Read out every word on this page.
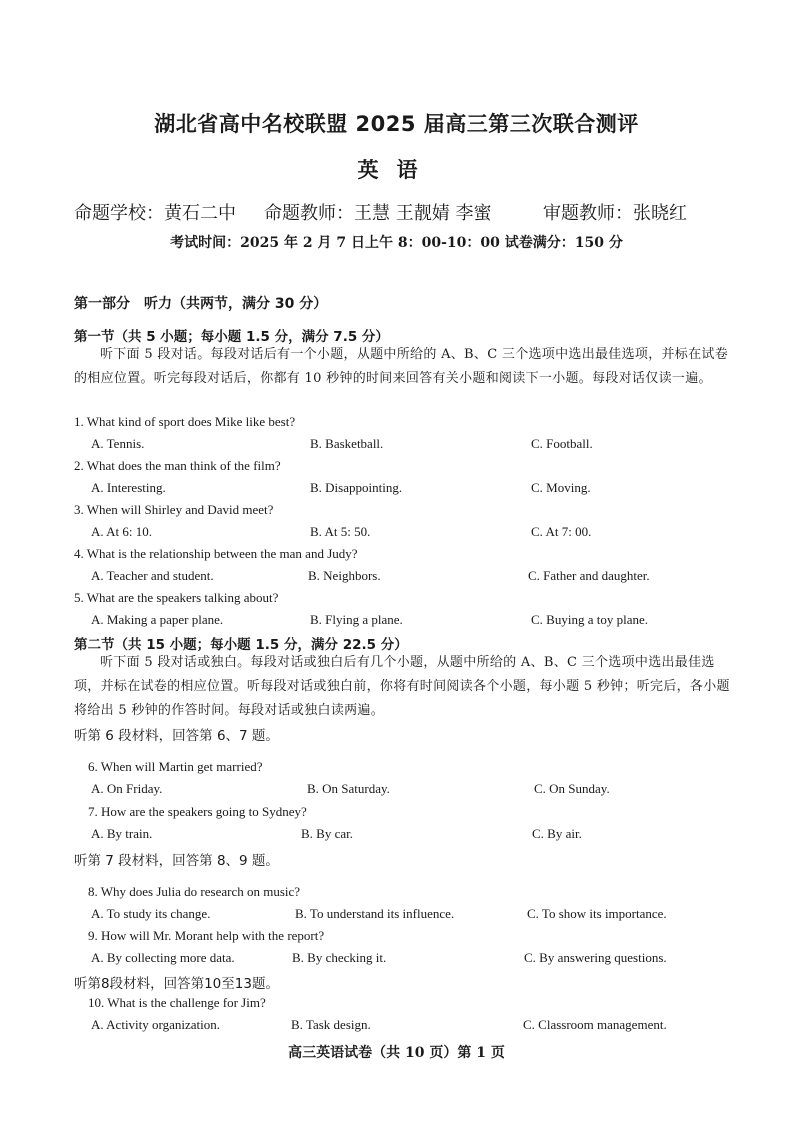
湖北省高中名校联盟 2025 届高三第三次联合测评
英语
命题学校：黄石二中 命题教师：王慧 王靓婧 李蜜	审题教师：张晓红
考试时间：2025 年 2 月 7 日上午 8：00-10：00 试卷满分：150 分
第一部分　听力（共两节，满分 30 分）
第一节（共 5 小题；每小题 1.5 分，满分 7.5 分）
听下面 5 段对话。每段对话后有一个小题，从题中所给的 A、B、C 三个选项中选出最佳选项，并标在试卷的相应位置。听完每段对话后，你都有 10 秒钟的时间来回答有关小题和阅读下一小题。每段对话仅读一遍。
1. What kind of sport does Mike like best?
A. Tennis.	B. Basketball.	C. Football.
2. What does the man think of the film?
A. Interesting.	B. Disappointing.	C. Moving.
3. When will Shirley and David meet?
A. At 6: 10.	B. At 5: 50.	C. At 7: 00.
4. What is the relationship between the man and Judy?
A. Teacher and student.	B. Neighbors.	C. Father and daughter.
5. What are the speakers talking about?
A. Making a paper plane.	B. Flying a plane.	C. Buying a toy plane.
第二节（共 15 小题；每小题 1.5 分，满分 22.5 分）
听下面 5 段对话或独白。每段对话或独白后有几个小题，从题中所给的 A、B、C 三个选项中选出最佳选项，并标在试卷的相应位置。听每段对话或独白前，你将有时间阅读各个小题，每小题 5 秒钟；听完后，各小题将给出 5 秒钟的作答时间。每段对话或独白读两遍。
听第 6 段材料，回答第 6、7 题。
6. When will Martin get married?
A. On Friday.	B. On Saturday.	C. On Sunday.
7. How are the speakers going to Sydney?
A. By train.	B. By car.	C. By air.
听第 7 段材料，回答第 8、9 题。
8. Why does Julia do research on music?
A. To study its change.	B. To understand its influence.	C. To show its importance.
9. How will Mr. Morant help with the report?
A. By collecting more data.	B. By checking it.	C. By answering questions.
听第8段材料，回答第10至13题。
10. What is the challenge for Jim?
A. Activity organization.	B. Task design.	C. Classroom management.
高三英语试卷（共 10 页）第 1 页
